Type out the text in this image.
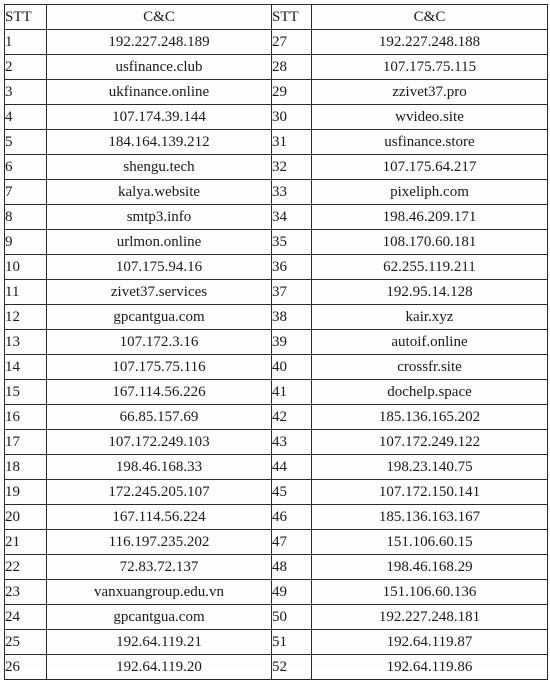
STT	C&C	STT	C&C
1	192.227.248.189	27	192.227.248.188
2	usfinance.club	28	107.175.75.115
3	ukfinance.online	29	zzivet37.pro
4	107.174.39.144	30	wvideo.site
5	184.164.139.212	31	usfinance.store
6	shengu.tech	32	107.175.64.217
7	kalya.website	33	pixeliph.com
8	smtp3.info	34	198.46.209.171
9	urlmon.online	35	108.170.60.181
10	107.175.94.16	36	62.255.119.211
11	zivet37.services	37	192.95.14.128
12	gpcantgua.com	38	kair.xyz
13	107.172.3.16	39	autoif.online
14	107.175.75.116	40	crossfr.site
15	167.114.56.226	41	dochelp.space
16	66.85.157.69	42	185.136.165.202
17	107.172.249.103	43	107.172.249.122
18	198.46.168.33	44	198.23.140.75
19	172.245.205.107	45	107.172.150.141
20	167.114.56.224	46	185.136.163.167
21	116.197.235.202	47	151.106.60.15
22	72.83.72.137	48	198.46.168.29
23	vanxuangroup.edu.vn	49	151.106.60.136
24	gpcantgua.com	50	192.227.248.181
25	192.64.119.21	51	192.64.119.87
26	192.64.119.20	52	192.64.119.86
